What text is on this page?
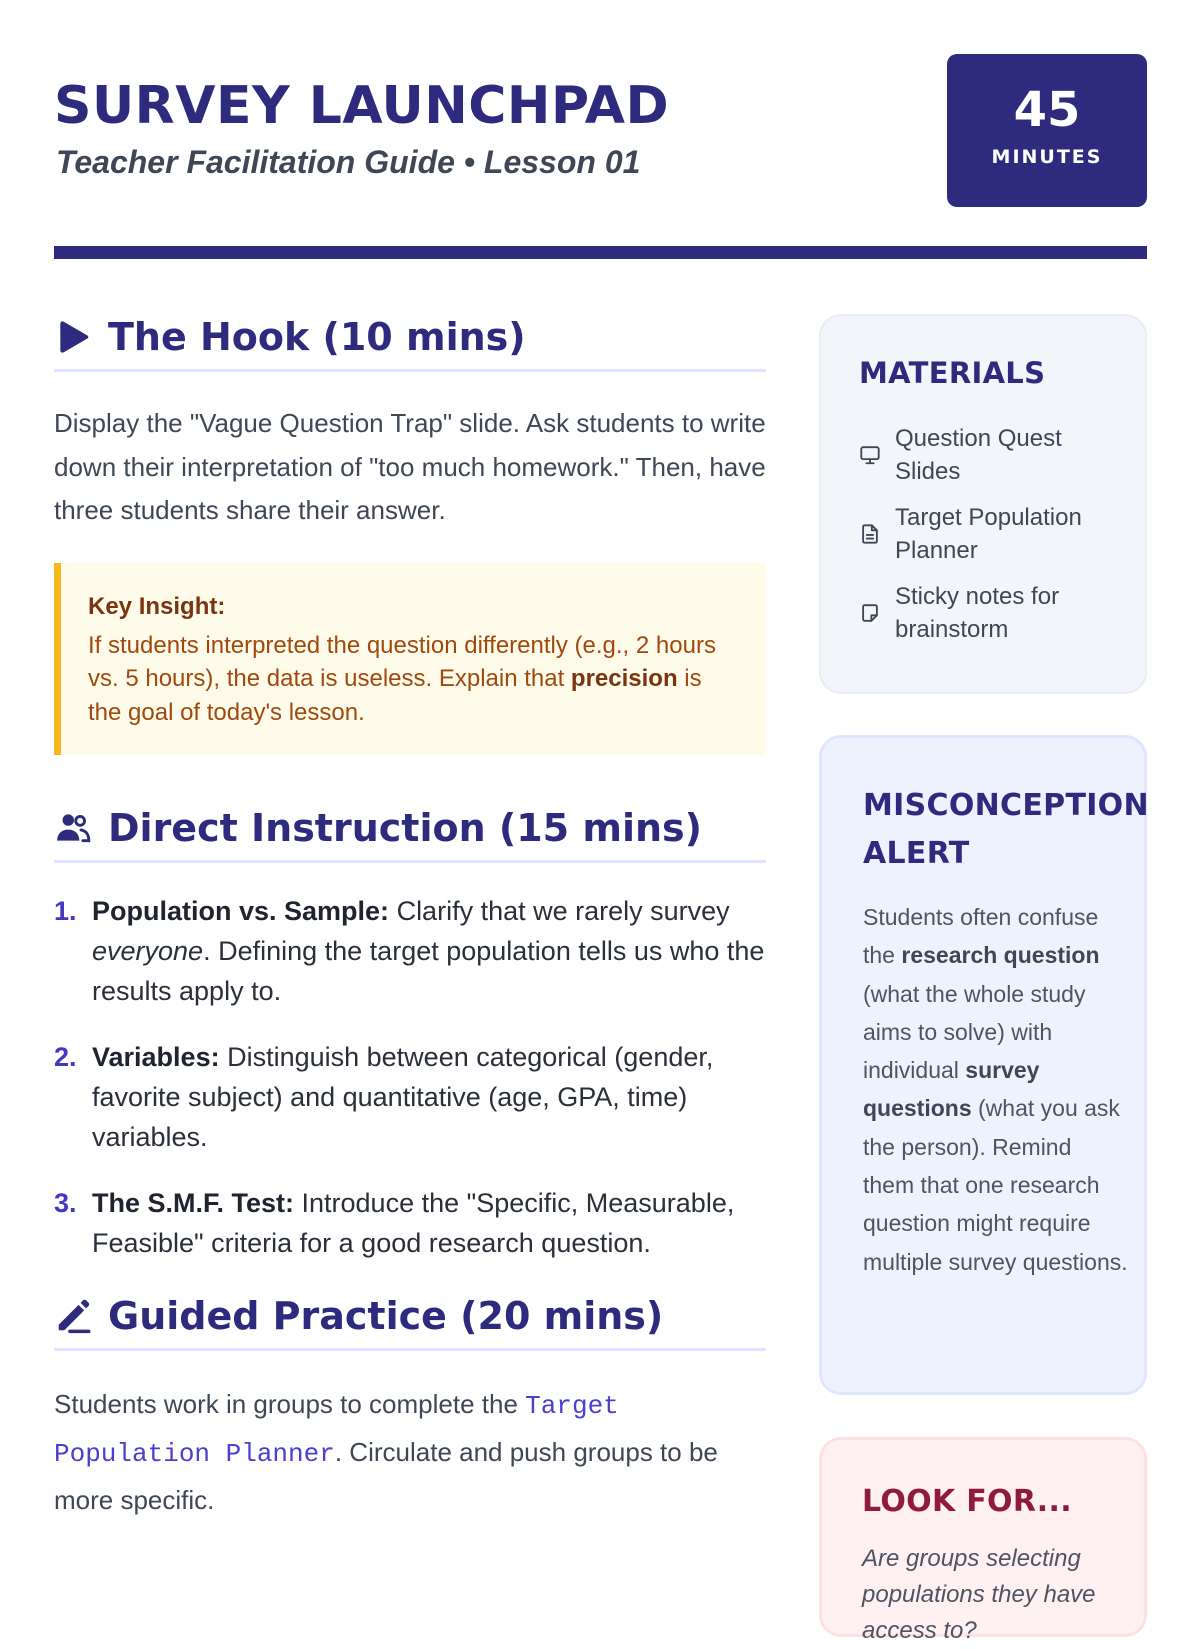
SURVEY LAUNCHPAD
Teacher Facilitation Guide • Lesson 01
45
MINUTES
The Hook (10 mins)

Display the "Vague Question Trap" slide. Ask students to write down their interpretation of "too much homework." Then, have three students share their answer.

Key Insight:
If students interpreted the question differently (e.g., 2 hours vs. 5 hours), the data is useless. Explain that precision is the goal of today's lesson.
Direct Instruction (15 mins)
1. Population vs. Sample: Clarify that we rarely survey everyone. Defining the target population tells us who the results apply to.
2. Variables: Distinguish between categorical (gender, favorite subject) and quantitative (age, GPA, time) variables.
3. The S.M.F. Test: Introduce the "Specific, Measurable, Feasible" criteria for a good research question.
Guided Practice (20 mins)

Students work in groups to complete the Target Population Planner. Circulate and push groups to be more specific.

MATERIALS
Question Quest Slides
Target Population Planner
Sticky notes for brainstorm
MISCONCEPTION ALERT

Students often confuse the research question (what the whole study aims to solve) with individual survey questions (what you ask the person). Remind them that one research question might require multiple survey questions.

LOOK FOR...

Are groups selecting populations they have access to?
